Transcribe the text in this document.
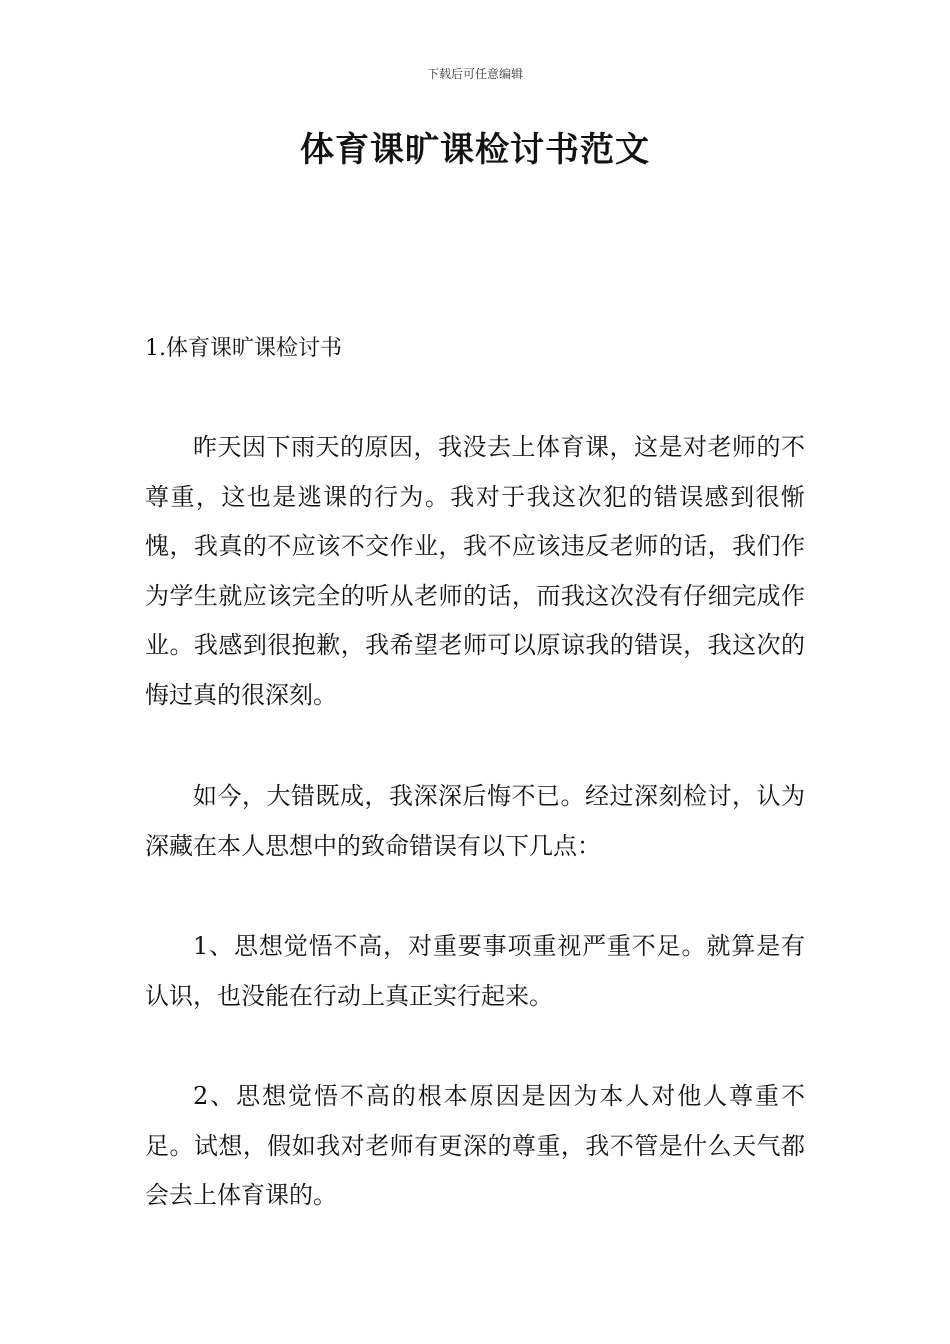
下载后可任意编辑
体育课旷课检讨书范文
1.体育课旷课检讨书

昨天因下雨天的原因，我没去上体育课，这是对老师的不尊重，这也是逃课的行为。我对于我这次犯的错误感到很惭愧，我真的不应该不交作业，我不应该违反老师的话，我们作为学生就应该完全的听从老师的话，而我这次没有仔细完成作业。我感到很抱歉，我希望老师可以原谅我的错误，我这次的悔过真的很深刻。

如今，大错既成，我深深后悔不已。经过深刻检讨，认为深藏在本人思想中的致命错误有以下几点：

1、思想觉悟不高，对重要事项重视严重不足。就算是有认识，也没能在行动上真正实行起来。

2、思想觉悟不高的根本原因是因为本人对他人尊重不足。试想，假如我对老师有更深的尊重，我不管是什么天气都会去上体育课的。
